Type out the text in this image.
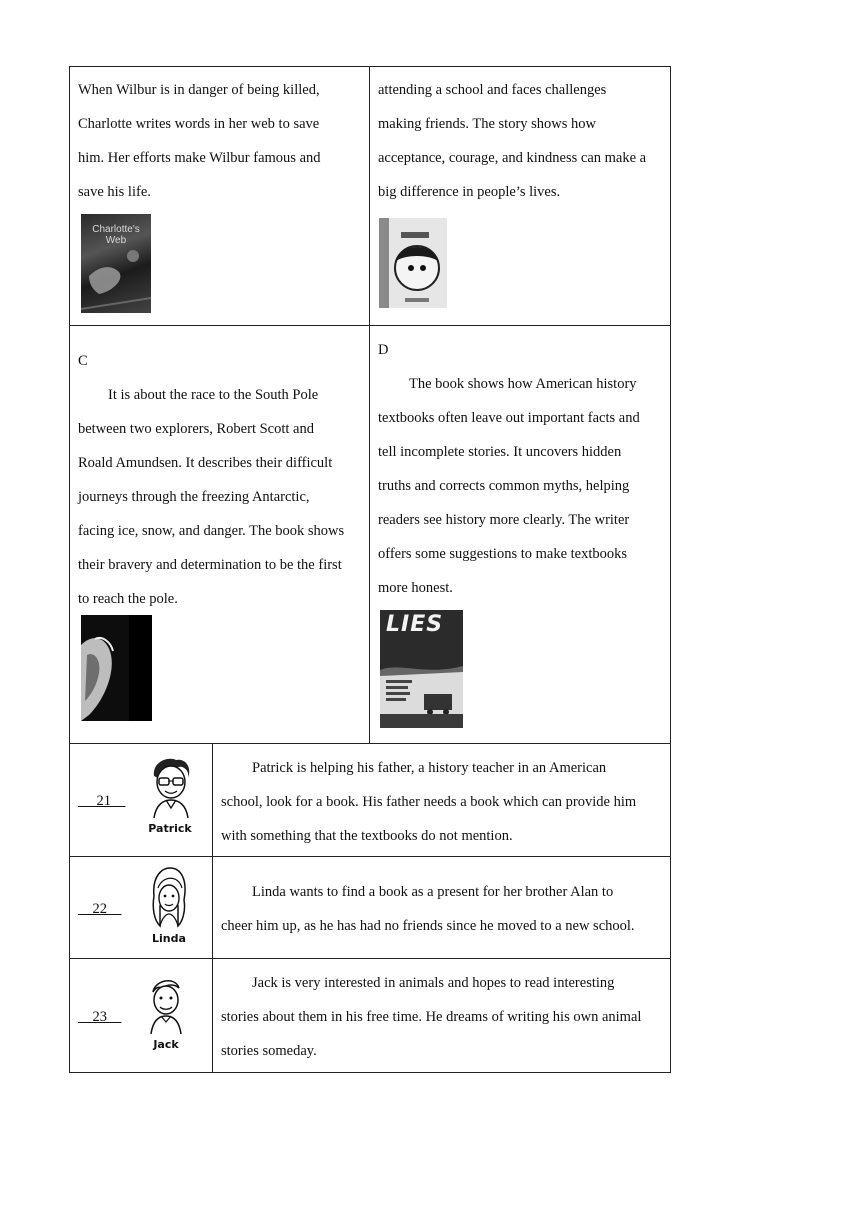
When Wilbur is in danger of being killed,
Charlotte writes words in her web to save
him. Her efforts make Wilbur famous and
save his life.
Charlotte's Web
attending a school and faces challenges
making friends. The story shows how
acceptance, courage, and kindness can make a
big difference in people’s lives.
C
It is about the race to the South Pole
between two explorers, Robert Scott and
Roald Amundsen. It describes their difficult
journeys through the freezing Antarctic,
facing ice, snow, and danger. The book shows
their bravery and determination to be the first
to reach the pole.
D
The book shows how American history
textbooks often leave out important facts and
tell incomplete stories. It uncovers hidden
truths and corrects common myths, helping
readers see history more clearly. The writer
offers some suggestions to make textbooks
more honest.
LIES
21
Patrick
Patrick is helping his father, a history teacher in an American
school, look for a book. His father needs a book which can provide him
with something that the textbooks do not mention.
22
Linda
Linda wants to find a book as a present for her brother Alan to
cheer him up, as he has had no friends since he moved to a new school.
23
Jack
Jack is very interested in animals and hopes to read interesting
stories about them in his free time. He dreams of writing his own animal
stories someday.
